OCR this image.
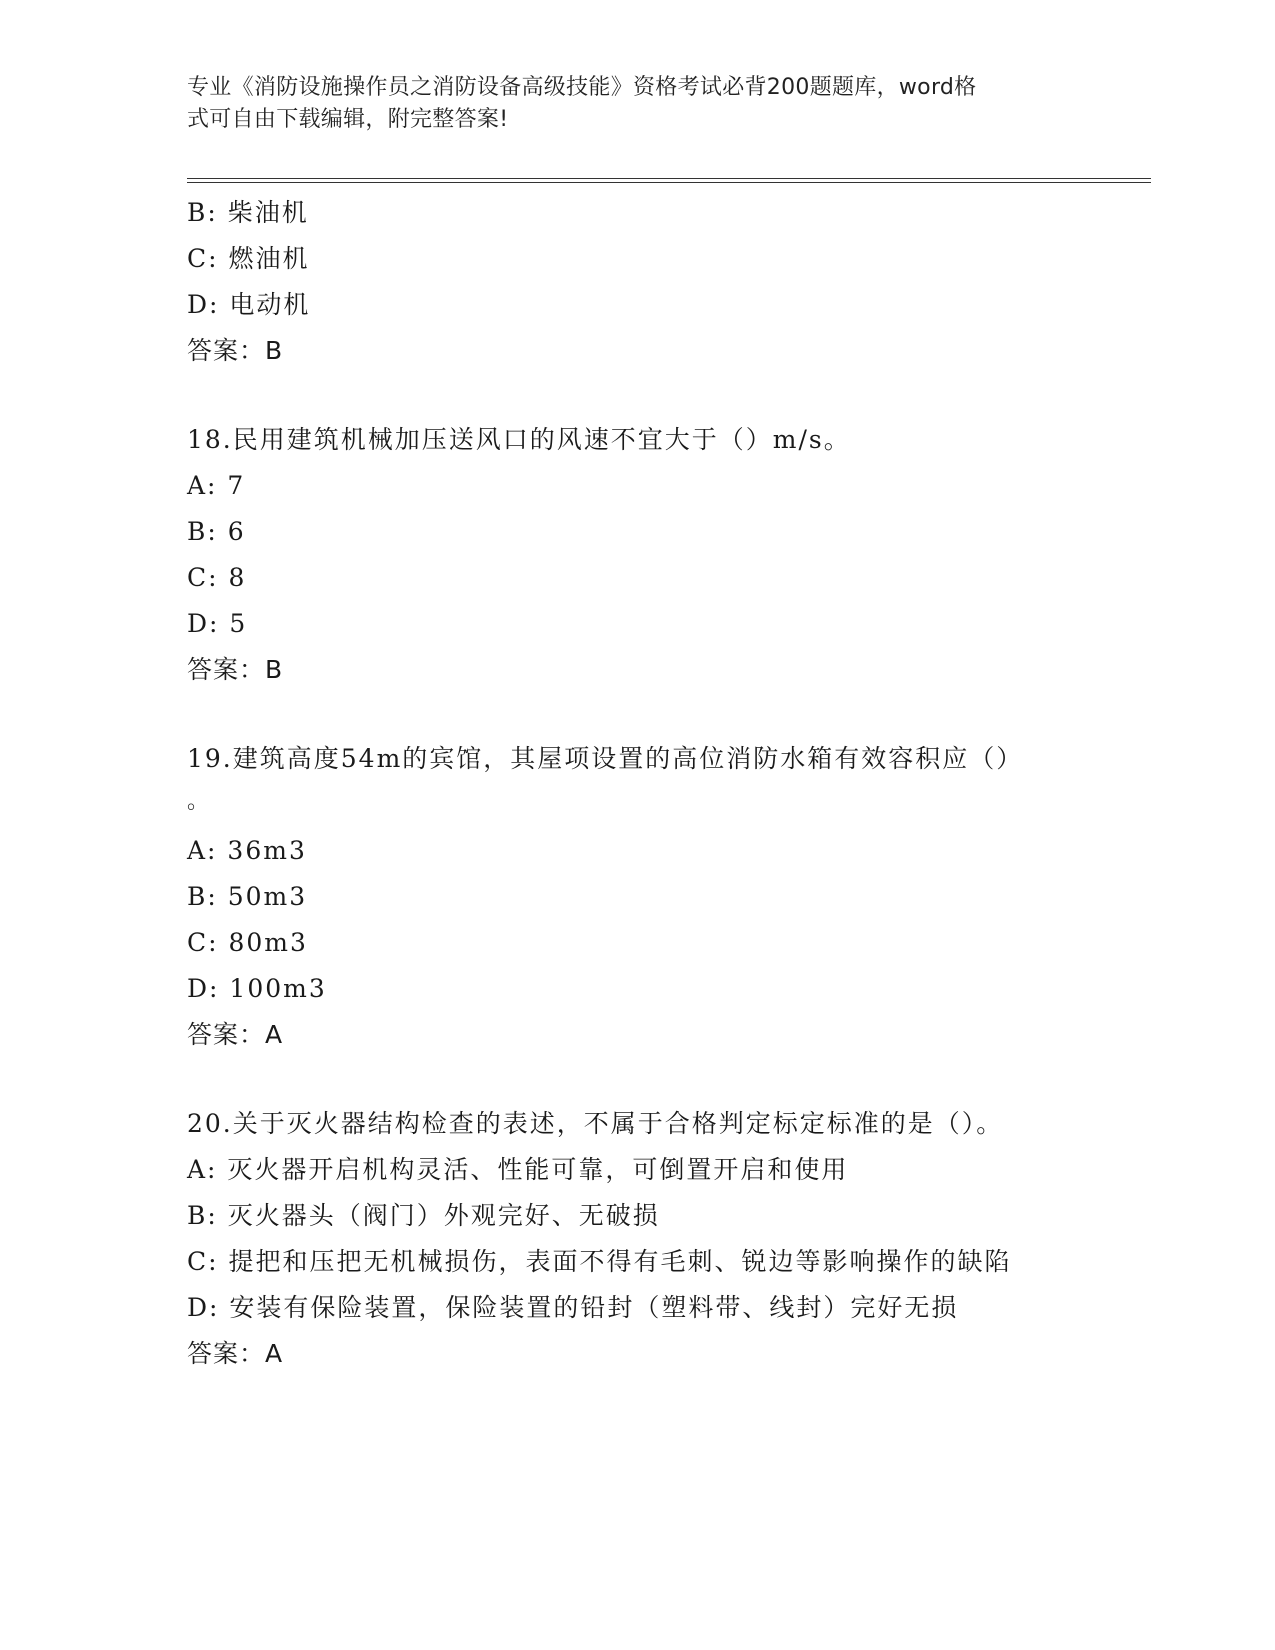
专业《消防设施操作员之消防设备高级技能》资格考试必背200题题库，word格
式可自由下载编辑，附完整答案!
B: 柴油机
C: 燃油机
D: 电动机
答案：B
18.民用建筑机械加压送风口的风速不宜大于（）m/s。
A: 7
B: 6
C: 8
D: 5
答案：B
19.建筑高度54m的宾馆，其屋项设置的高位消防水箱有效容积应（）
。
A: 36m3
B: 50m3
C: 80m3
D: 100m3
答案：A
20.关于灭火器结构检查的表述，不属于合格判定标定标准的是（）。
A: 灭火器开启机构灵活、性能可靠，可倒置开启和使用
B: 灭火器头（阀门）外观完好、无破损
C: 提把和压把无机械损伤，表面不得有毛刺、锐边等影响操作的缺陷
D: 安装有保险装置，保险装置的铅封（塑料带、线封）完好无损
答案：A
